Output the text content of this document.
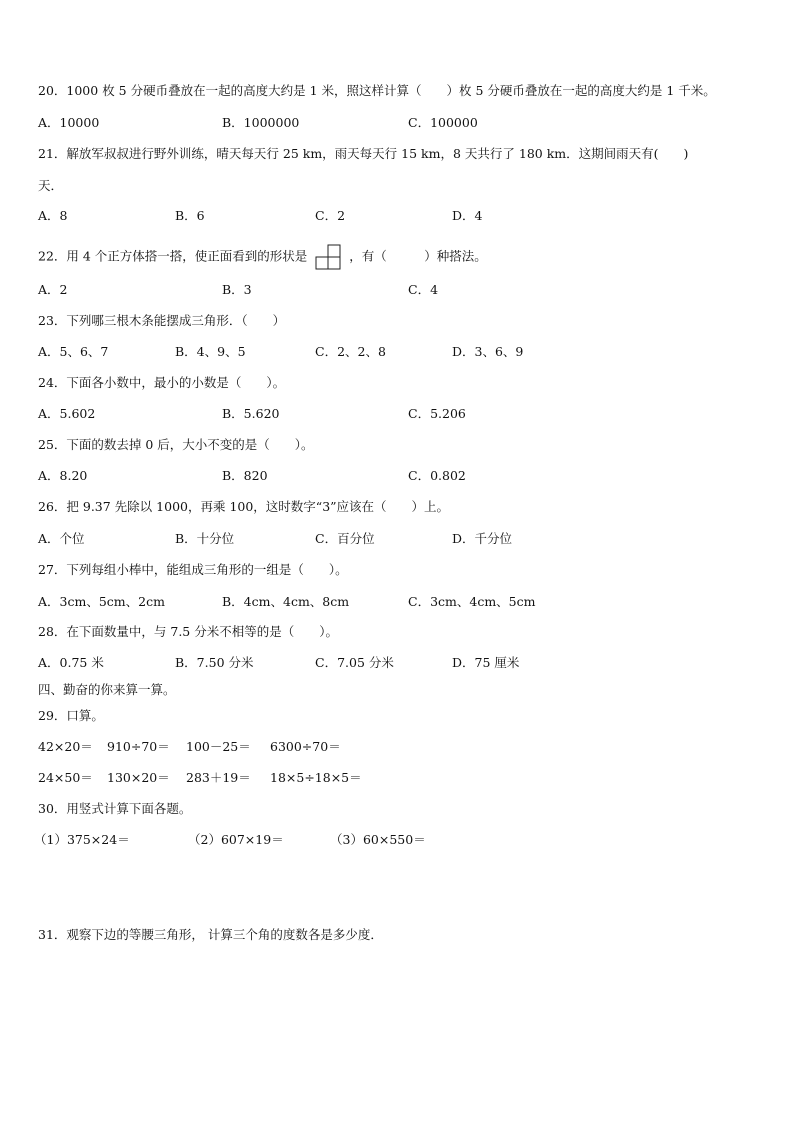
20．1000 枚 5 分硬币叠放在一起的高度大约是 1 米，照这样计算（　　）枚 5 分硬币叠放在一起的高度大约是 1 千米。
A．10000	B．1000000	C．100000
21．解放军叔叔进行野外训练，晴天每天行 25 km，雨天每天行 15 km，8 天共行了 180 km．这期间雨天有(　　)
天．
A．8	B．6	C．2	D．4
22．用 4 个正方体搭一搭，使正面看到的形状是	，有（　　　）种搭法。
A．2	B．3	C．4
23．下列哪三根木条能摆成三角形．（　　）
A．5、6、7	B．4、9、5	C．2、2、8	D．3、6、9
24．下面各小数中，最小的小数是（　　）。
A．5.602	B．5.620	C．5.206
25．下面的数去掉 0 后，大小不变的是（　　）。
A．8.20	B．820	C．0.802
26．把 9.37 先除以 1000，再乘 100，这时数字“3”应该在（　　）上。
A．个位	B．十分位	C．百分位	D．千分位
27．下列每组小棒中，能组成三角形的一组是（　　）。
A．3cm、5cm、2cm	B．4cm、4cm、8cm	C．3cm、4cm、5cm
28．在下面数量中，与 7.5 分米不相等的是（　　）。
A．0.75 米	B．7.50 分米	C．7.05 分米	D．75 厘米
四、勤奋的你来算一算。
29．口算。
42×20＝ 910÷70＝ 100－25＝ 6300÷70＝
24×50＝ 130×20＝ 283＋19＝ 18×5÷18×5＝
30．用竖式计算下面各题。
（1）375×24＝	（2）607×19＝	（3）60×550＝
31．观察下边的等腰三角形， 计算三个角的度数各是多少度．
